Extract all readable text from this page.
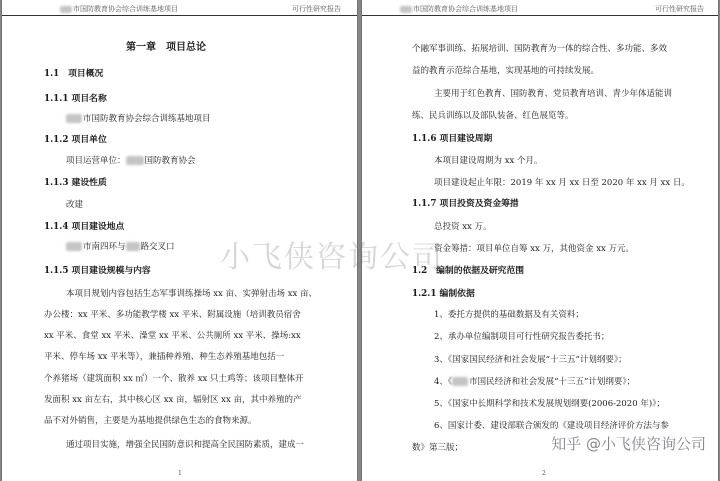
市国防教育协会综合训练基地项目	可行性研究报告
第一章　项目总论
1.1　项目概况
1.1.1 项目名称
市国防教育协会综合训练基地项目
1.1.2 项目单位
项目运营单位： 国防教育协会
1.1.3 建设性质
改建
1.1.4 项目建设地点
市南四环与 路交叉口
1.1.5 项目建设规模与内容
本项目规划内容包括生态军事训练操场 xx 亩、实弹射击场 xx 亩、
办公楼：xx 平米、多功能教学楼 xx 平米、附属设施（培训教员宿舍
xx 平米、食堂 xx 平米、澡堂 xx 平米、公共厕所 xx 平米、操场:xx
平米、停车场 xx 平米等），兼插种养殖、种生态养殖基地包括一
个养猪场（建筑面积 xx ㎡）一个、散养 xx 只土鸡等；该项目整体开
发面积 xx 亩左右，其中核心区 xx 亩，辐射区 xx 亩，其中养殖的产
品不对外销售，主要是为基地提供绿色生态的食物来源。
通过项目实施，增强全民国防意识和提高全民国防素质，建成一
1
市国防教育协会综合训练基地项目	可行性研究报告
个融军事训练、拓展培训、国防教育为一体的综合性、多功能、多效
益的教育示范综合基地，实现基地的可持续发展。
主要用于红色教育、国防教育、党员教育培训、青少年体适能训
练、民兵训练以及部队装备、红色展览等。
1.1.6 项目建设周期
本项目建设周期为 xx 个月。
项目建设起止年限：2019 年 xx 月 xx 日至 2020 年 xx 月 xx 日。
1.1.7 项目投资及资金筹措
总投资 xx 万。
资金筹措：项目单位自筹 xx 万，其他资金 xx 万元。
1.2　编制的依据及研究范围
1.2.1 编制依据
1、委托方提供的基础数据及有关资料；
2、承办单位编制项目可行性研究报告委托书；
3、《国家国民经济和社会发展“十三五”计划纲要》；
4、《 市国民经济和社会发展“十三五”计划纲要》；
5、《国家中长期科学和技术发展规划纲要(2006-2020 年)》；
6、国家计委、建设部联合颁发的《建设项目经济评价方法与参
数》第三版；
2
小飞侠咨询公司
知乎 @小飞侠咨询公司
